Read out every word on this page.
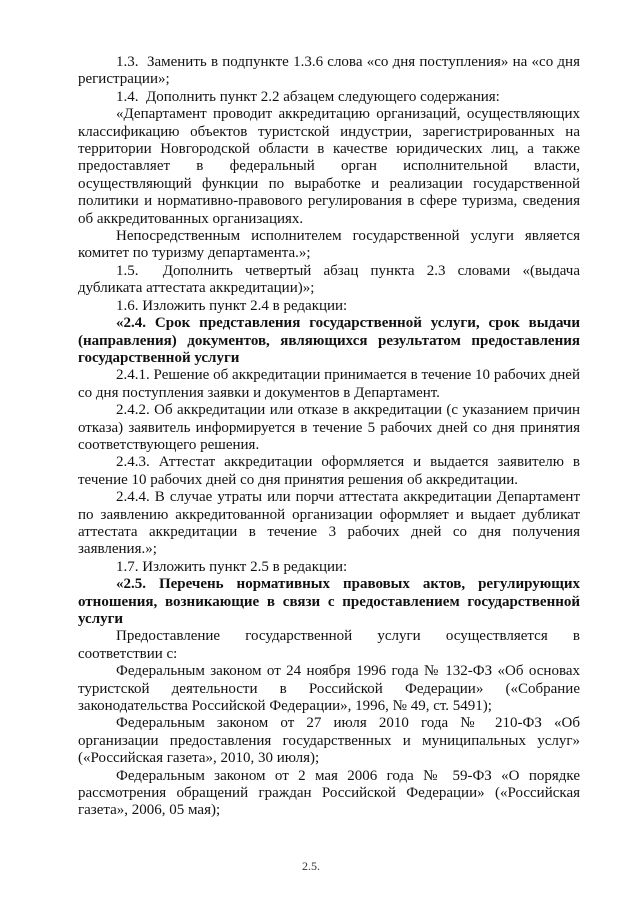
1.3.  Заменить в подпункте 1.3.6 слова «со дня поступления» на «со дня регистрации»;

1.4.  Дополнить пункт 2.2 абзацем следующего содержания:

«Департамент проводит аккредитацию организаций, осуществляющих классификацию объектов туристской индустрии, зарегистрированных на территории Новгородской области в качестве юридических лиц, а также предоставляет в федеральный орган исполнительной власти, осуществляющий функции по выработке и реализации государственной политики и нормативно-правового регулирования в сфере туризма, сведения об аккредитованных организациях.

Непосредственным исполнителем государственной услуги является комитет по туризму департамента.»;

1.5.  Дополнить четвертый абзац пункта 2.3 словами «(выдача дубликата аттестата аккредитации)»;

1.6. Изложить пункт 2.4 в редакции:

«2.4. Срок представления государственной услуги, срок выдачи (направления) документов, являющихся результатом предоставления государственной услуги

2.4.1. Решение об аккредитации принимается в течение 10 рабочих дней со дня поступления заявки и документов в Департамент.

2.4.2. Об аккредитации или отказе в аккредитации (с указанием причин отказа) заявитель информируется в течение 5 рабочих дней со дня принятия соответствующего решения.

2.4.3. Аттестат аккредитации оформляется и выдается заявителю в течение 10 рабочих дней со дня принятия решения об аккредитации.

2.4.4. В случае утраты или порчи аттестата аккредитации Департамент по заявлению аккредитованной организации оформляет и выдает дубликат аттестата аккредитации в течение 3 рабочих дней со дня получения заявления.»;

1.7. Изложить пункт 2.5 в редакции:

«2.5. Перечень нормативных правовых актов, регулирующих отношения, возникающие в связи с предоставлением государственной услуги

Предоставление государственной услуги осуществляется в соответствии с:

Федеральным законом от 24 ноября 1996 года № 132-ФЗ «Об основах туристской деятельности в Российской Федерации» («Собрание законодательства Российской Федерации», 1996, № 49, ст. 5491);

Федеральным законом от 27 июля 2010 года № 210-ФЗ «Об организации предоставления государственных и муниципальных услуг» («Российская газета», 2010, 30 июля);

Федеральным законом от 2 мая 2006 года № 59-ФЗ «О порядке рассмотрения обращений граждан Российской Федерации» («Российская газета», 2006, 05 мая);

2.5.
